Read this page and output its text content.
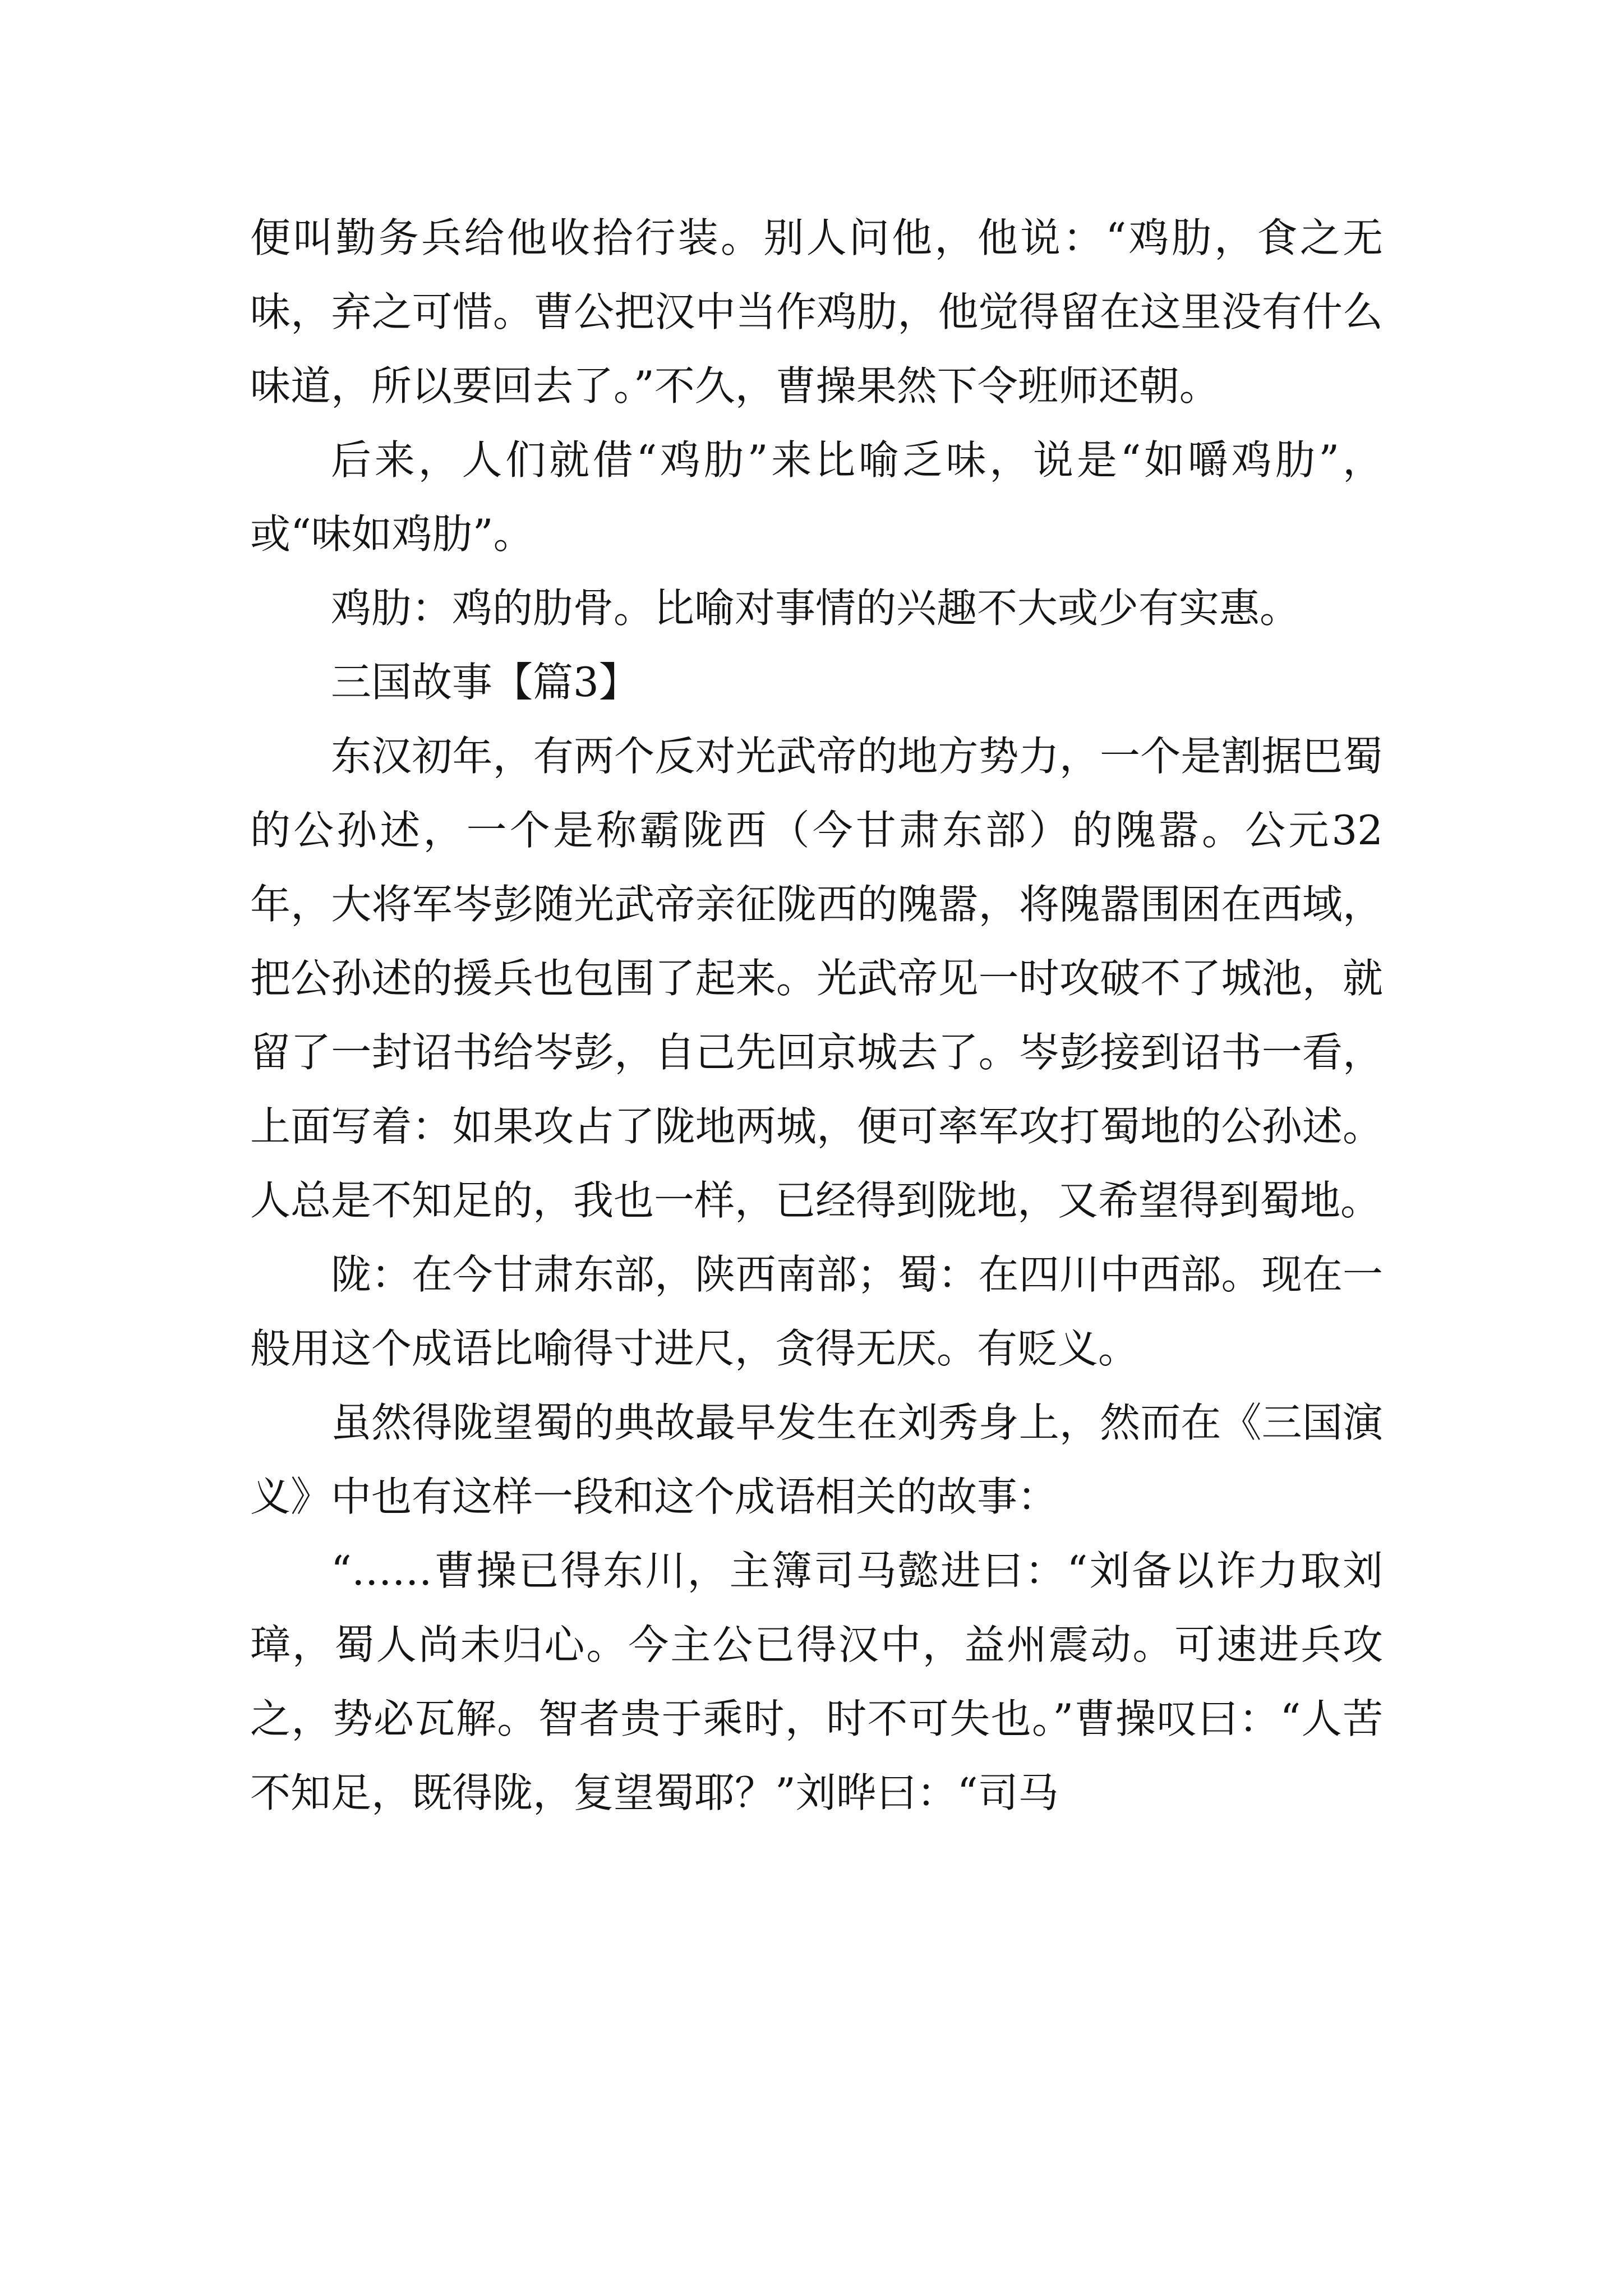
便叫勤务兵给他收拾行装。别人问他，他说：“鸡肋，食之无味，弃之可惜。曹公把汉中当作鸡肋，他觉得留在这里没有什么味道，所以要回去了。”不久，曹操果然下令班师还朝。

后来，人们就借“鸡肋”来比喻乏味，说是“如嚼鸡肋”，或“味如鸡肋”。

鸡肋：鸡的肋骨。比喻对事情的兴趣不大或少有实惠。

三国故事【篇3】

东汉初年，有两个反对光武帝的地方势力，一个是割据巴蜀的公孙述，一个是称霸陇西（今甘肃东部）的隗嚣。公元32年，大将军岑彭随光武帝亲征陇西的隗嚣，将隗嚣围困在西域，把公孙述的援兵也包围了起来。光武帝见一时攻破不了城池，就留了一封诏书给岑彭，自己先回京城去了。岑彭接到诏书一看，上面写着：如果攻占了陇地两城，便可率军攻打蜀地的公孙述。人总是不知足的，我也一样，已经得到陇地，又希望得到蜀地。

陇：在今甘肃东部，陕西南部；蜀：在四川中西部。现在一般用这个成语比喻得寸进尺，贪得无厌。有贬义。

虽然得陇望蜀的典故最早发生在刘秀身上，然而在《三国演义》中也有这样一段和这个成语相关的故事：

“……曹操已得东川，主簿司马懿进曰：“刘备以诈力取刘璋，蜀人尚未归心。今主公已得汉中，益州震动。可速进兵攻之，势必瓦解。智者贵于乘时，时不可失也。”曹操叹曰：“人苦不知足，既得陇，复望蜀耶？”刘晔曰：“司马
